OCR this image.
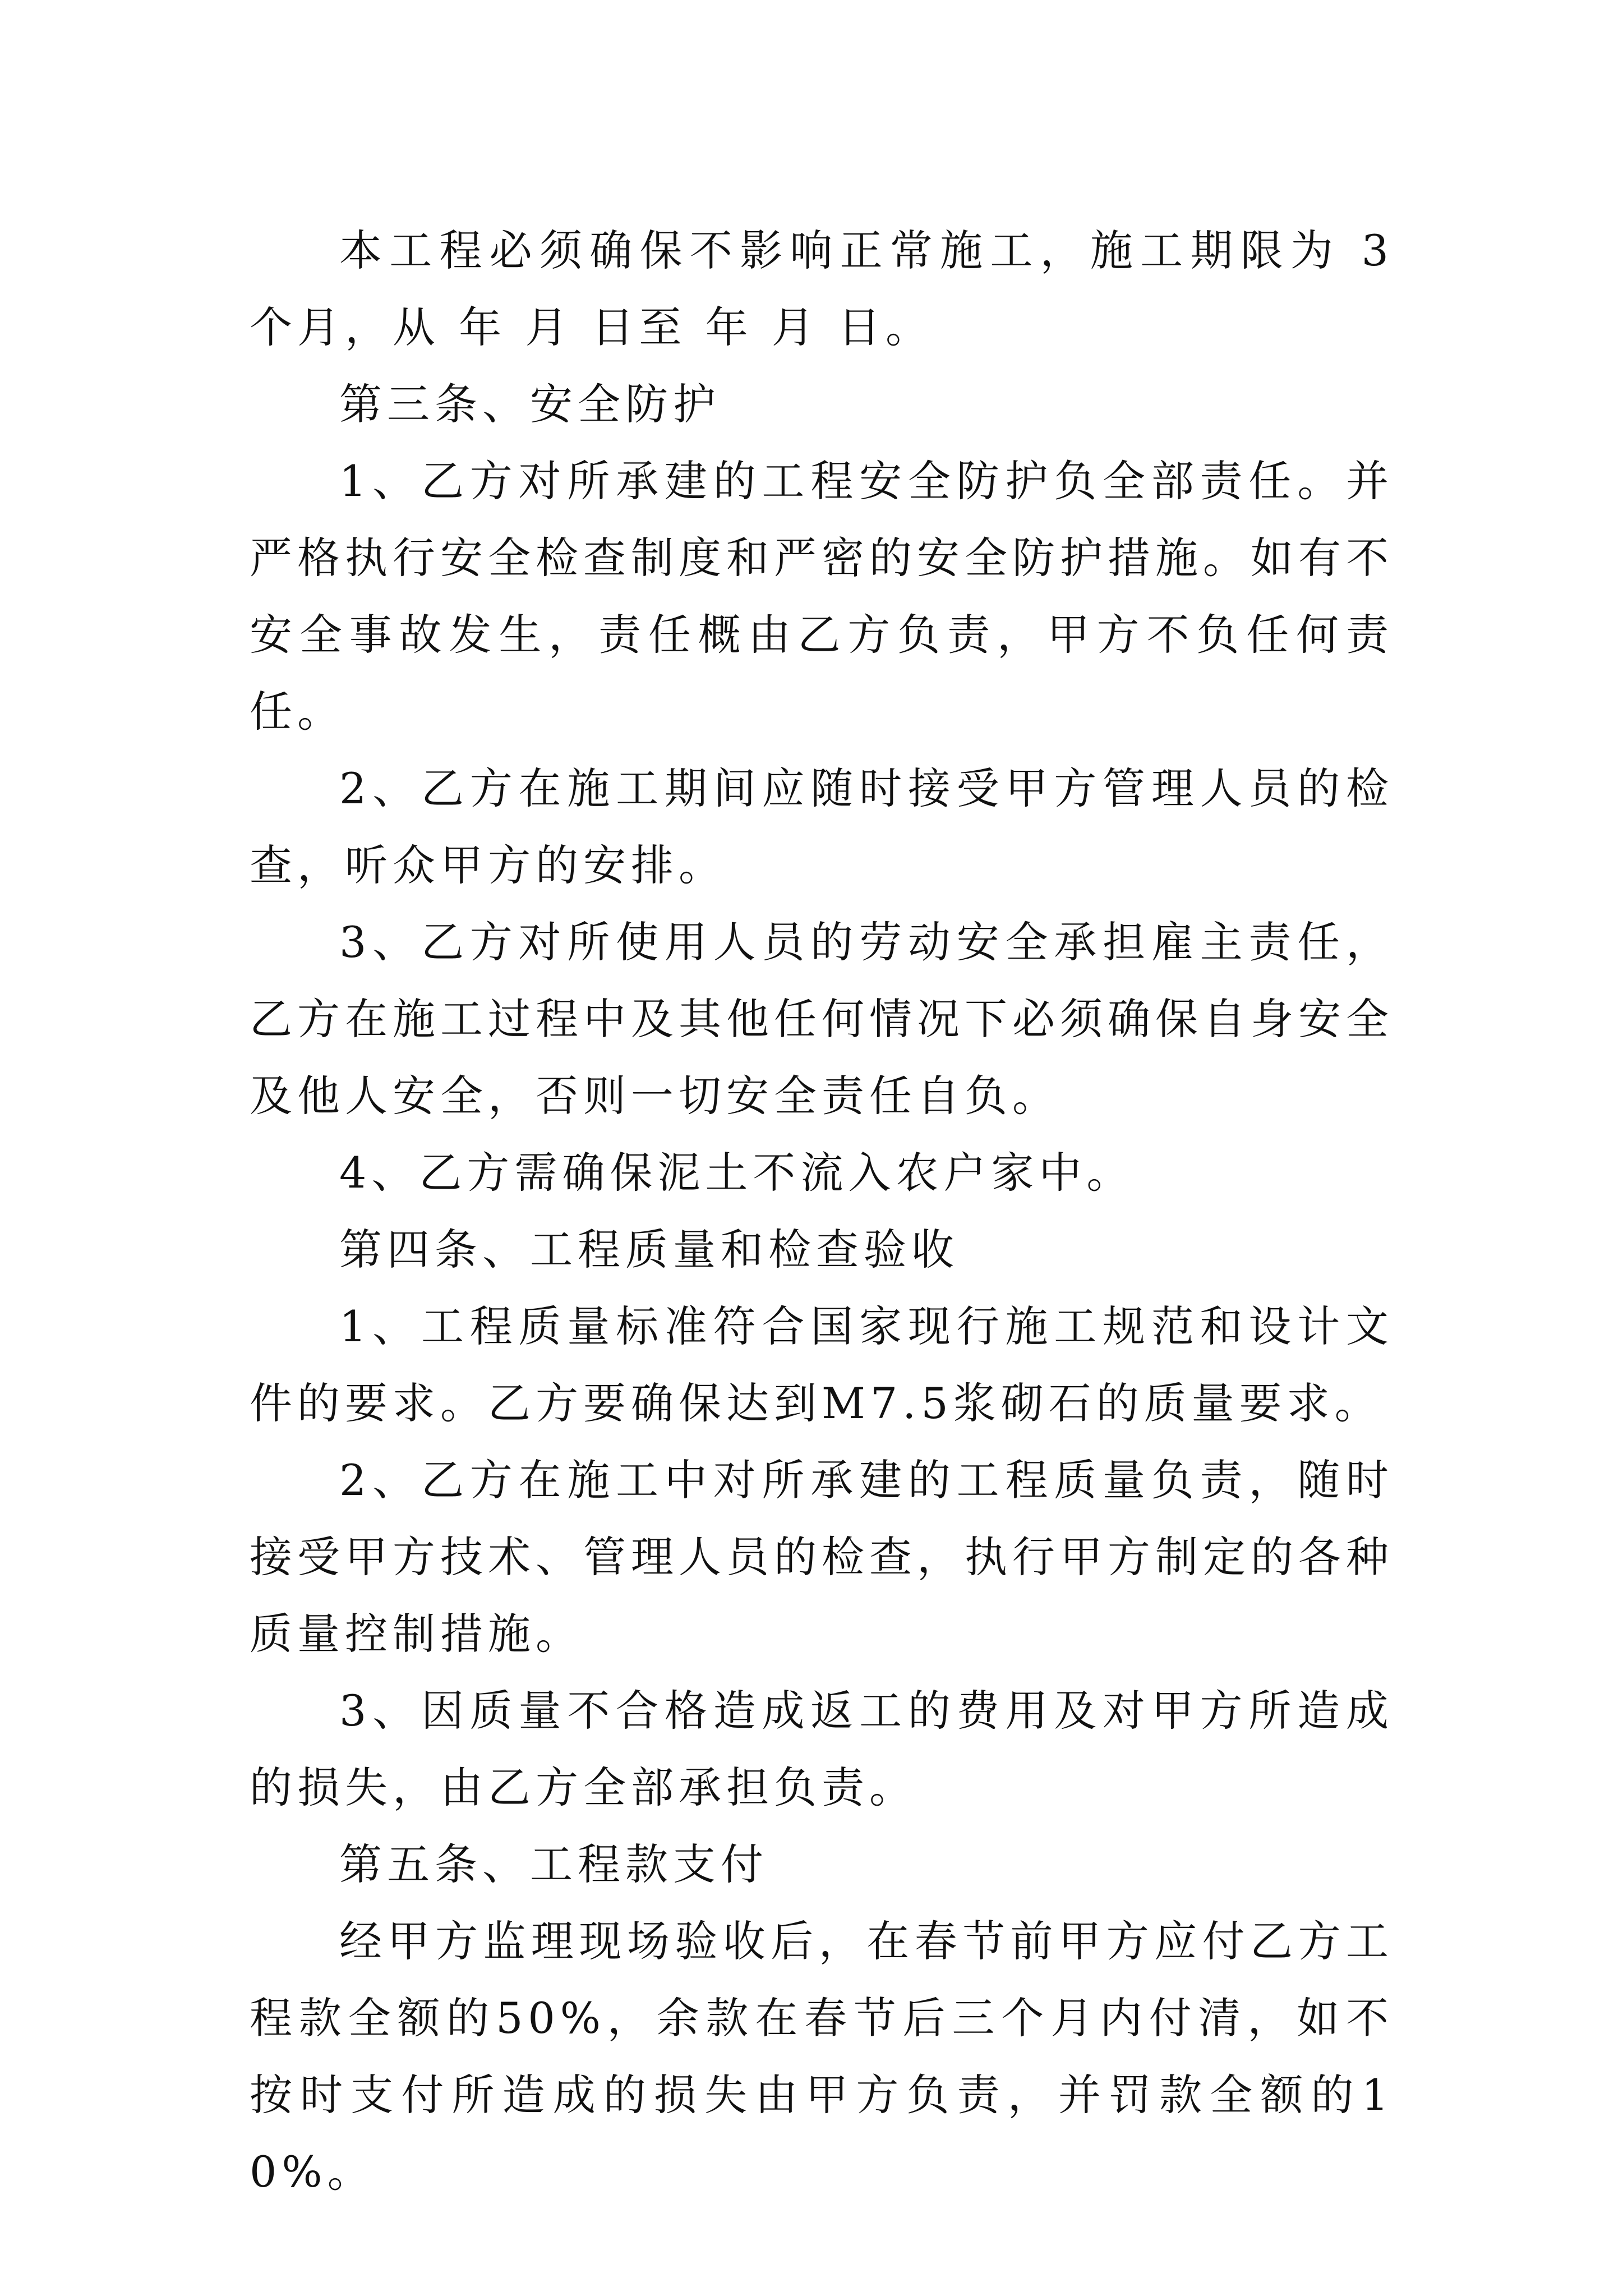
本工程必须确保不影响正常施工，施工期限为 3 个月，从 年 月 日至 年 月 日。

第三条、安全防护

1、乙方对所承建的工程安全防护负全部责任。并严格执行安全检查制度和严密的安全防护措施。如有不安全事故发生，责任概由乙方负责，甲方不负任何责任。

2、乙方在施工期间应随时接受甲方管理人员的检查，听众甲方的安排。

3、乙方对所使用人员的劳动安全承担雇主责任，乙方在施工过程中及其他任何情况下必须确保自身安全及他人安全，否则一切安全责任自负。

4、乙方需确保泥土不流入农户家中。

第四条、工程质量和检查验收

1、工程质量标准符合国家现行施工规范和设计文件的要求。乙方要确保达到M7.5浆砌石的质量要求。

2、乙方在施工中对所承建的工程质量负责，随时接受甲方技术、管理人员的检查，执行甲方制定的各种质量控制措施。

3、因质量不合格造成返工的费用及对甲方所造成的损失，由乙方全部承担负责。

第五条、工程款支付

经甲方监理现场验收后，在春节前甲方应付乙方工程款全额的50%，余款在春节后三个月内付清，如不按时支付所造成的损失由甲方负责，并罚款全额的10%。
